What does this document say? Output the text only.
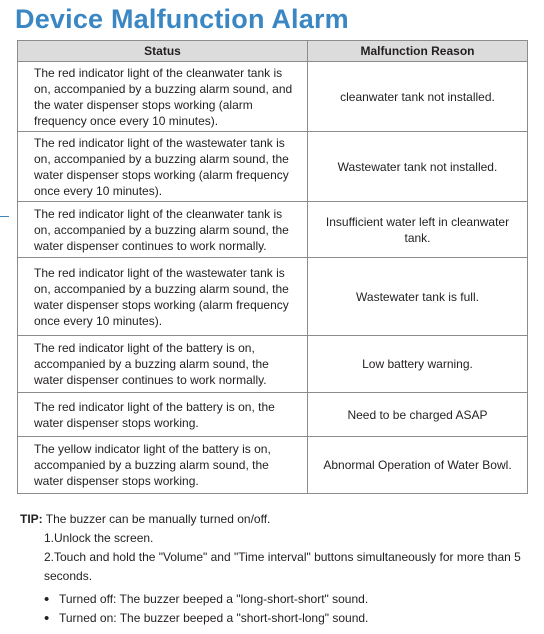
Device Malfunction Alarm
Status	Malfunction Reason
The red indicator light of the cleanwater tank is on, accompanied by a buzzing alarm sound, and the water dispenser stops working (alarm frequency once every 10 minutes).	cleanwater tank not installed.
The red indicator light of the wastewater tank is on, accompanied by a buzzing alarm sound, the water dispenser stops working (alarm frequency once every 10 minutes).	Wastewater tank not installed.
The red indicator light of the cleanwater tank is on, accompanied by a buzzing alarm sound, the water dispenser continues to work normally.	Insufficient water left in cleanwater tank.
The red indicator light of the wastewater tank is on, accompanied by a buzzing alarm sound, the water dispenser stops working (alarm frequency once every 10 minutes).	Wastewater tank is full.
The red indicator light of the battery is on, accompanied by a buzzing alarm sound, the water dispenser continues to work normally.	Low battery warning.
The red indicator light of the battery is on, the water dispenser stops working.	Need to be charged ASAP
The yellow indicator light of the battery is on, accompanied by a buzzing alarm sound, the water dispenser stops working.	Abnormal Operation of Water Bowl.
TIP: The buzzer can be manually turned on/off.
1.Unlock the screen.
2.Touch and hold the "Volume" and "Time interval" buttons simultaneously for more than 5 seconds.
• Turned off: The buzzer beeped a "long-short-short" sound.
• Turned on: The buzzer beeped a "short-short-long" sound.
